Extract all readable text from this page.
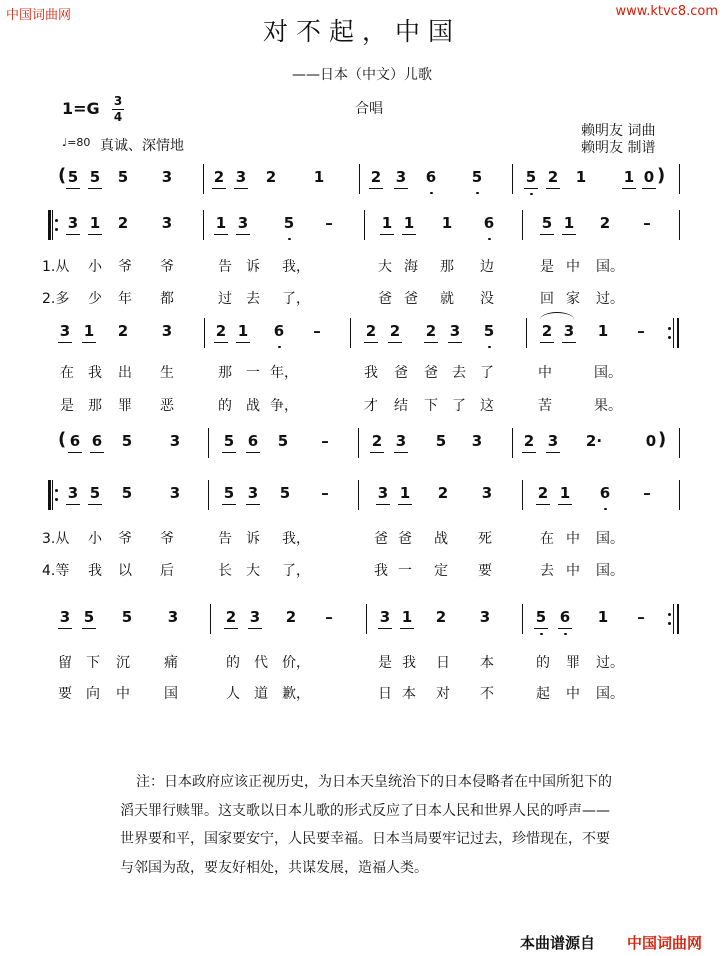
中国词曲网	www.ktvc8.com
对不起，中国
——日本（中文）儿歌
1=G 3
4	合唱
赖明友 词曲
赖明友 制谱
♩=80 真诚、深情地
( 5 5 5 3	2 3 2	1	2 3 6 5	5 2 1	1 0 )
3 1 2 3	1 3 5	–	1 1 1 6	5 1 2	–
1.从 小 爷 爷	告 诉 我，	大 海 那 边	是 中 国。
2.多 少 年 都	过 去 了，	爸 爸 就 没	回 家 过。
3 1 2 3	2 1 6	–	2 2 2 3 5	2 3 1	–
在 我 出 生	那 一 年，	我 爸 爸 去 了	中	国。
是 那 罪 恶	的 战 争，	才 结 下 了 这	苦	果。
( 6 6 5	3	5 6 5	–	2 3 5 3	2 3 2·	0 )
3 5 5	3	5 3 5	–	3 1 2 3	2 1 6	–
3.从 小 爷 爷	告 诉 我，	爸 爸 战 死	在 中 国。
4.等 我 以 后	长 大 了，	我 一 定 要	去 中 国。
3 5 5 3	2 3 2	–	3 1 2 3	5 6 1	–
留 下 沉 痛	的 代 价，	是 我 日 本	的 罪 过。
要 向 中 国	人 道 歉，	日 本 对 不	起 中 国。
注：日本政府应该正视历史，为日本天皇统治下的日本侵略者在中国所犯下的滔天罪行赎罪。这支歌以日本儿歌的形式反应了日本人民和世界人民的呼声——世界要和平，国家要安宁，人民要幸福。日本当局要牢记过去，珍惜现在，不要与邻国为敌，要友好相处，共谋发展，造福人类。
本曲谱源自 中国词曲网
